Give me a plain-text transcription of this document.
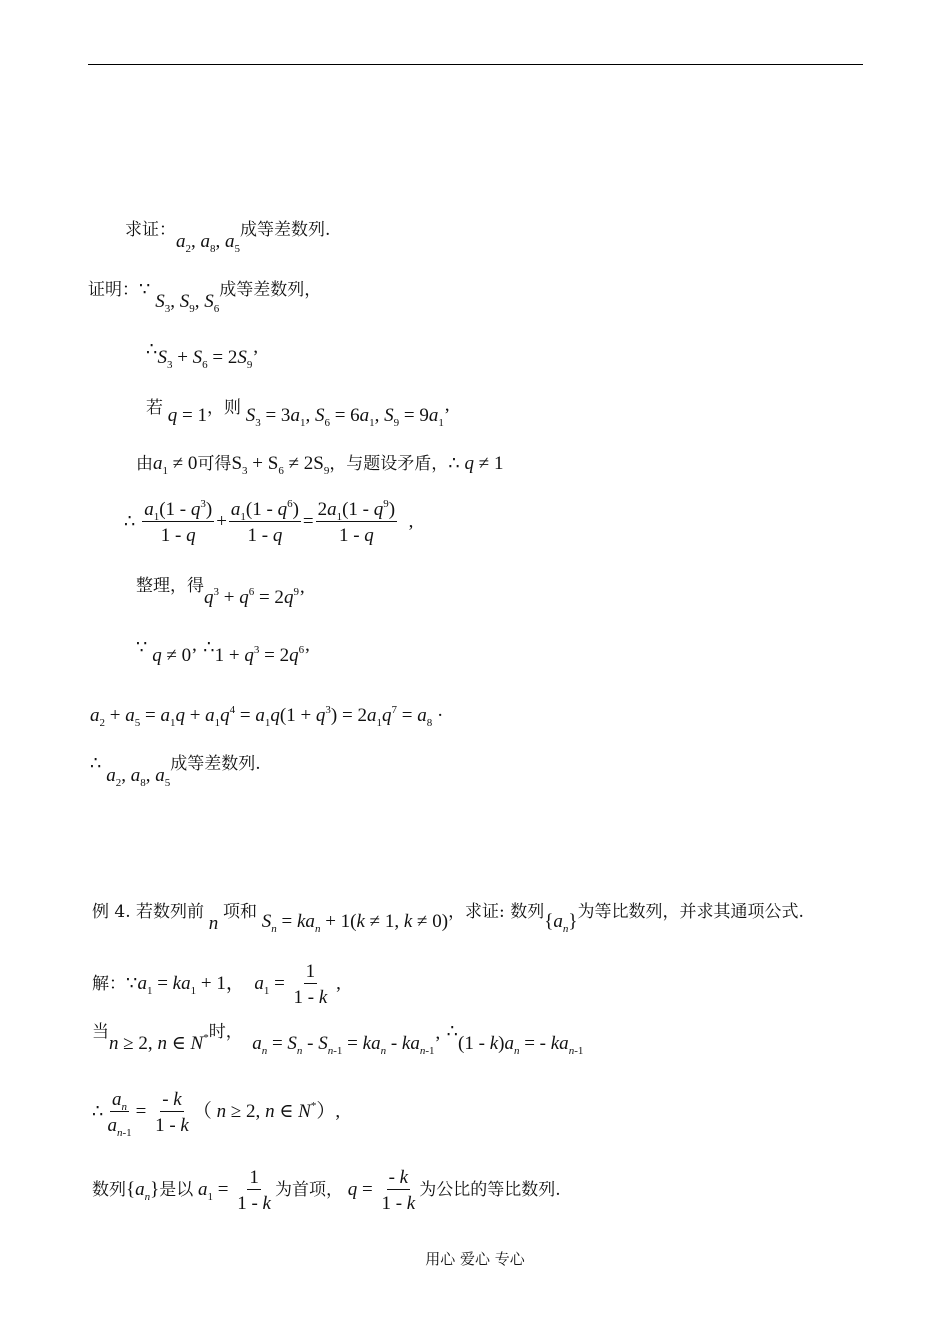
求证：$a_2$, $a_8$, $a_5$成等差数列.
证明：∵ $S_3$, $S_9$, $S_6$成等差数列，
$\therefore S_3 + S_6 = 2S_9$’
若 q = 1，则 $S_3 = 3a_1$, $S_6 = 6a_1$, $S_9 = 9a_1$’
由$a_1 \ne 0$可得$S_3 + S_6 \ne 2S_9$，与题设矛盾，∴ q ≠ 1
∴ $\frac{a_1(1 - q^3)}{1 - q} + \frac{a_1(1 - q^6)}{1 - q} = \frac{2a_1(1 - q^9)}{1 - q}$ ,
整理，得$q^3 + q^6 = 2q^9$’
∵ q ≠ 0’ ∴1 + $q^3 = 2q^6$’
$a_2 + a_5 = a_1q + a_1q^4 = a_1q(1 + q^3) = 2a_1q^7 = a_8$ ·
∴ $a_2$, $a_8$, $a_5$成等差数列.
例 4. 若数列前 n 项和 $S_n = ka_n + 1(k \ne 1$, k ≠ 0)，求证: 数列$\{a_n\}$为等比数列，并求其通项公式.
解：$\because a_1 = ka_1 + 1$，  $a_1 = \frac{1}{1 - k}$ ,
当n ≥ 2, n ∈ N*时，  $a_n = S_n - S_{n-1} = ka_n - ka_{n-1}$’ ∴(1 - $k)a_n$ = - $ka_{n-1}$
∴ $\frac{a_n}{a_{n-1}} = \frac{- k}{1 - k}$ （ n ≥ 2, n ∈ N*）,
数列$\{a_n\}$是以 $a_1 = \frac{1}{1 - k}$ 为首项， $q = \frac{- k}{1 - k}$ 为公比的等比数列.
用心 爱心 专心
